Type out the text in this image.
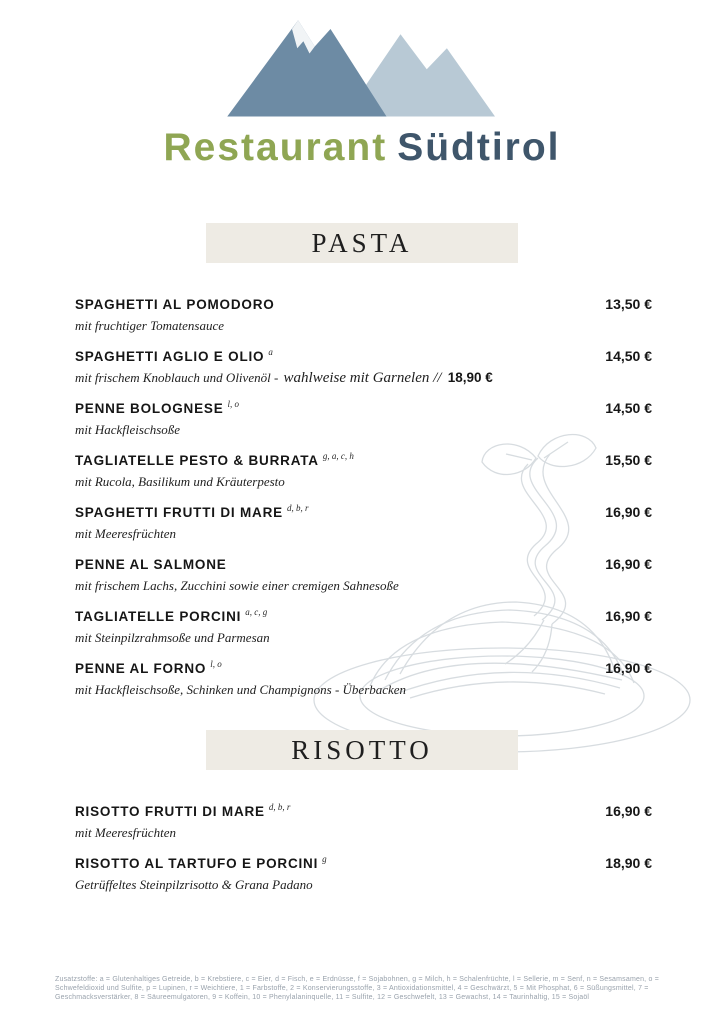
Restaurant Südtirol
PASTA
SPAGHETTI AL POMODORO	13,50 €
mit fruchtiger Tomatensauce
SPAGHETTI AGLIO E OLIO $^a$	14,50 €
mit frischem Knoblauch und Olivenöl - wahlweise mit Garnelen // 18,90 €
PENNE BOLOGNESE $^{l, o}$	14,50 €
mit Hackfleischsoße
TAGLIATELLE PESTO & BURRATA $^{g, a, c, h}$	15,50 €
mit Rucola, Basilikum und Kräuterpesto
SPAGHETTI FRUTTI DI MARE $^{d, b, r}$	16,90 €
mit Meeresfrüchten
PENNE AL SALMONE	16,90 €
mit frischem Lachs, Zucchini sowie einer cremigen Sahnesoße
TAGLIATELLE PORCINI $^{a, c, g}$	16,90 €
mit Steinpilzrahmsoße und Parmesan
PENNE AL FORNO $^{l, o}$	16,90 €
mit Hackfleischsoße, Schinken und Champignons - Überbacken
RISOTTO
RISOTTO FRUTTI DI MARE $^{d, b, r}$	16,90 €
mit Meeresfrüchten
RISOTTO AL TARTUFO E PORCINI $^g$	18,90 €
Getrüffeltes Steinpilzrisotto & Grana Padano
Zusatzstoffe: a = Glutenhaltiges Getreide, b = Krebstiere, c = Eier, d = Fisch, e = Erdnüsse, f = Sojabohnen, g = Milch, h = Schalenfrüchte, l = Sellerie, m = Senf, n = Sesamsamen, o = Schwefeldioxid und Sulfite, p = Lupinen, r = Weichtiere, 1 = Farbstoffe, 2 = Konservierungsstoffe, 3 = Antioxidationsmittel, 4 = Geschwärzt, 5 = Mit Phosphat, 6 = Süßungsmittel, 7 = Geschmacksverstärker, 8 = Säureemulgatoren, 9 = Koffein, 10 = Phenylalaninquelle, 11 = Sulfite, 12 = Geschwefelt, 13 = Gewachst, 14 = Taurinhaltig, 15 = Sojaöl
